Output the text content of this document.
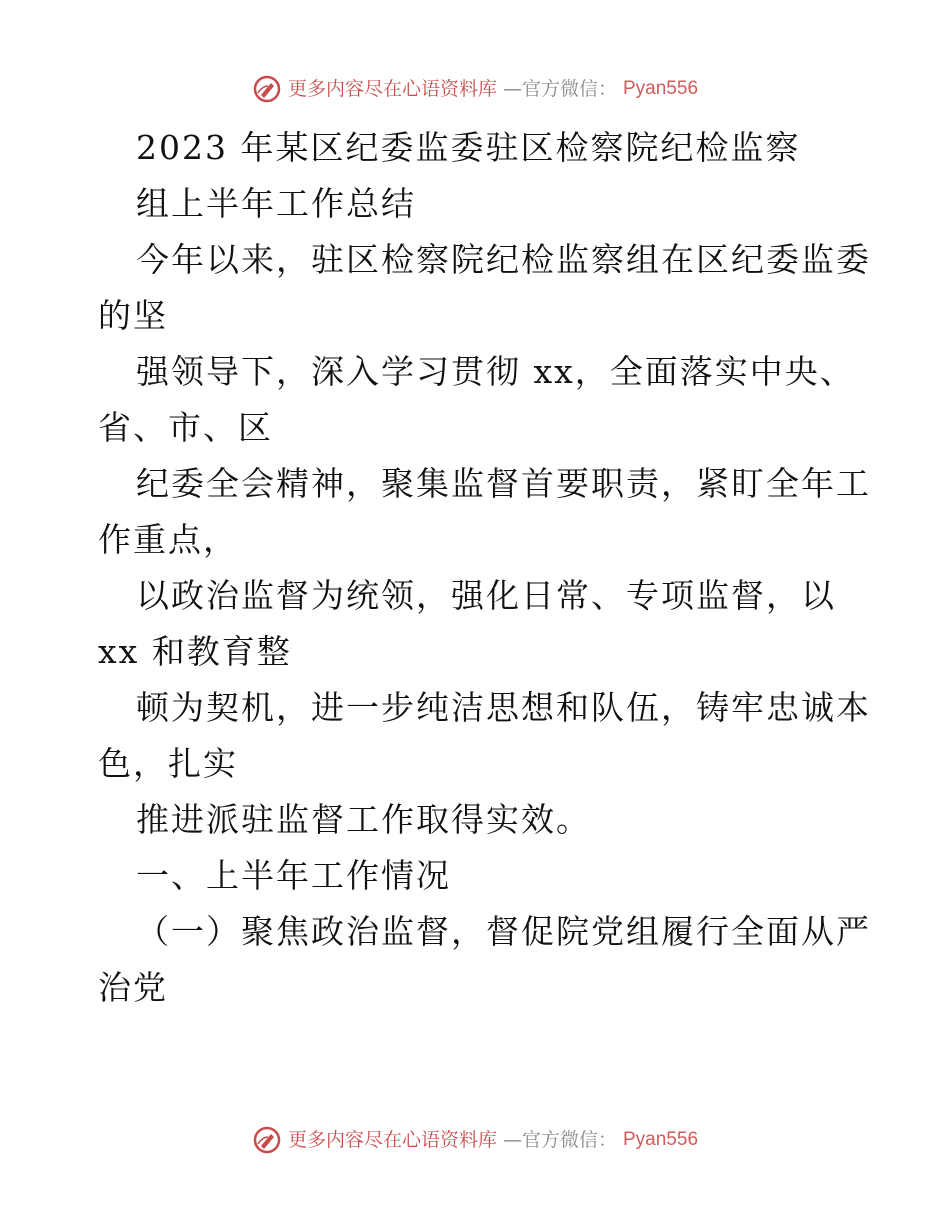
更多内容尽在心语资料库 —官方微信： Pyan556
2023 年某区纪委监委驻区检察院纪检监察
组上半年工作总结
今年以来，驻区检察院纪检监察组在区纪委监委
的坚
强领导下，深入学习贯彻 xx，全面落实中央、
省、市、区
纪委全会精神，聚集监督首要职责，紧盯全年工
作重点，
以政治监督为统领，强化日常、专项监督，以
xx 和教育整
顿为契机，进一步纯洁思想和队伍，铸牢忠诚本
色，扎实
推进派驻监督工作取得实效。
一、上半年工作情况
（一）聚焦政治监督，督促院党组履行全面从严
治党
更多内容尽在心语资料库 —官方微信： Pyan556
